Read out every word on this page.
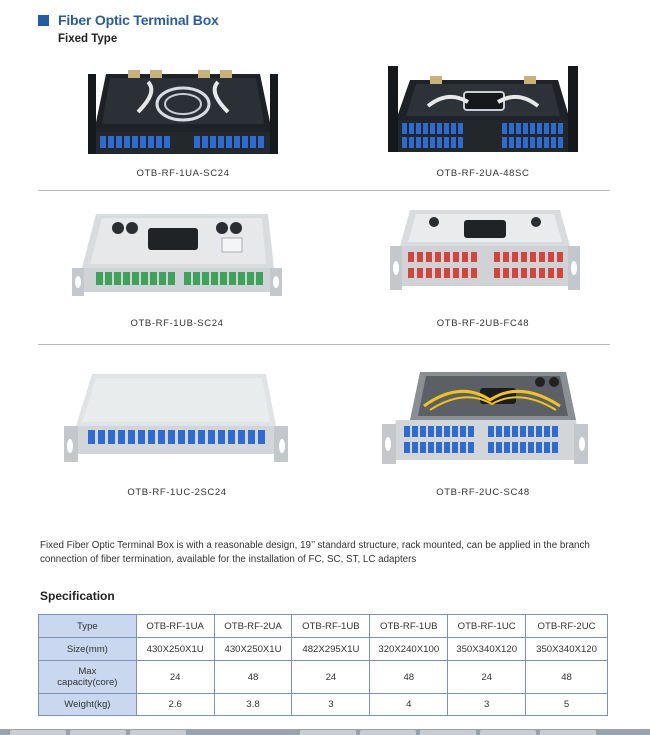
Fiber Optic Terminal Box
Fixed Type
OTB-RF-1UA-SC24	OTB-RF-2UA-48SC
OTB-RF-1UB-SC24	OTB-RF-2UB-FC48
OTB-RF-1UC-2SC24	OTB-RF-2UC-SC48
Fixed Fiber Optic Terminal Box is with a reasonable design, 19’’ standard structure, rack mounted, can be applied in the branch connection of fiber termination, available for the installation of FC, SC, ST, LC adapters
Specification
Type	OTB-RF-1UA	OTB-RF-2UA	OTB-RF-1UB	OTB-RF-1UB	OTB-RF-1UC	OTB-RF-2UC
Size(mm)	430X250X1U	430X250X1U	482X295X1U	320X240X100	350X340X120	350X340X120

Max
capacity(core)	24	48	24	48	24	48
Weight(kg)	2.6	3.8	3	4	3	5
